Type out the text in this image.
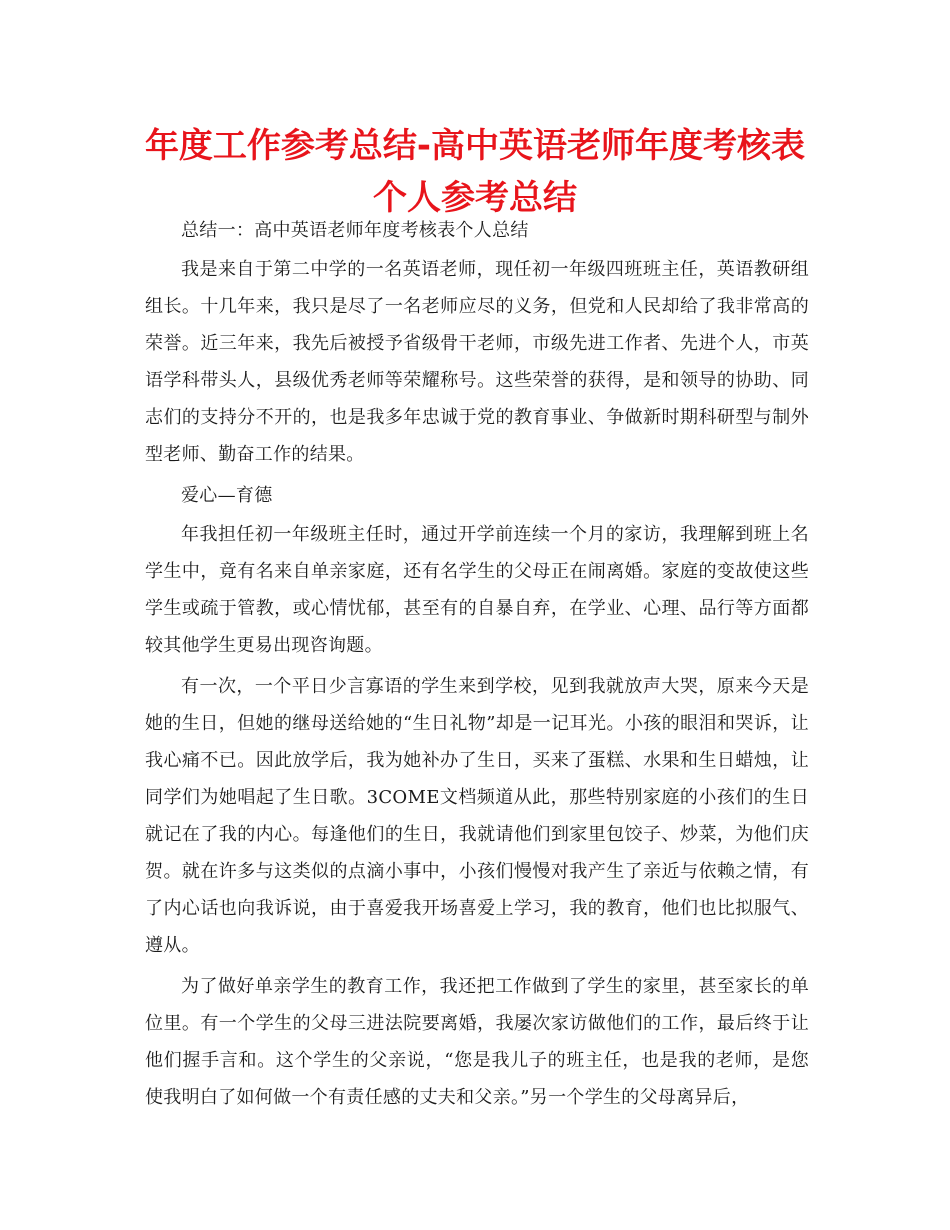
年度工作参考总结-高中英语老师年度考核表个人参考总结

总结一：高中英语老师年度考核表个人总结

我是来自于第二中学的一名英语老师，现任初一年级四班班主任，英语教研组组长。十几年来，我只是尽了一名老师应尽的义务，但党和人民却给了我非常高的荣誉。近三年来，我先后被授予省级骨干老师，市级先进工作者、先进个人，市英语学科带头人，县级优秀老师等荣耀称号。这些荣誉的获得，是和领导的协助、同志们的支持分不开的，也是我多年忠诚于党的教育事业、争做新时期科研型与制外型老师、勤奋工作的结果。

爱心—育德

年我担任初一年级班主任时，通过开学前连续一个月的家访，我理解到班上名学生中，竟有名来自单亲家庭，还有名学生的父母正在闹离婚。家庭的变故使这些学生或疏于管教，或心情忧郁，甚至有的自暴自弃，在学业、心理、品行等方面都较其他学生更易出现咨询题。

有一次，一个平日少言寡语的学生来到学校，见到我就放声大哭，原来今天是她的生日，但她的继母送给她的“生日礼物”却是一记耳光。小孩的眼泪和哭诉，让我心痛不已。因此放学后，我为她补办了生日，买来了蛋糕、水果和生日蜡烛，让同学们为她唱起了生日歌。3COME文档频道从此，那些特别家庭的小孩们的生日就记在了我的内心。每逢他们的生日，我就请他们到家里包饺子、炒菜，为他们庆贺。就在许多与这类似的点滴小事中，小孩们慢慢对我产生了亲近与依赖之情，有了内心话也向我诉说，由于喜爱我开场喜爱上学习，我的教育，他们也比拟服气、遵从。

为了做好单亲学生的教育工作，我还把工作做到了学生的家里，甚至家长的单位里。有一个学生的父母三进法院要离婚，我屡次家访做他们的工作，最后终于让他们握手言和。这个学生的父亲说，“您是我儿子的班主任，也是我的老师，是您使我明白了如何做一个有责任感的丈夫和父亲。”另一个学生的父母离异后，
